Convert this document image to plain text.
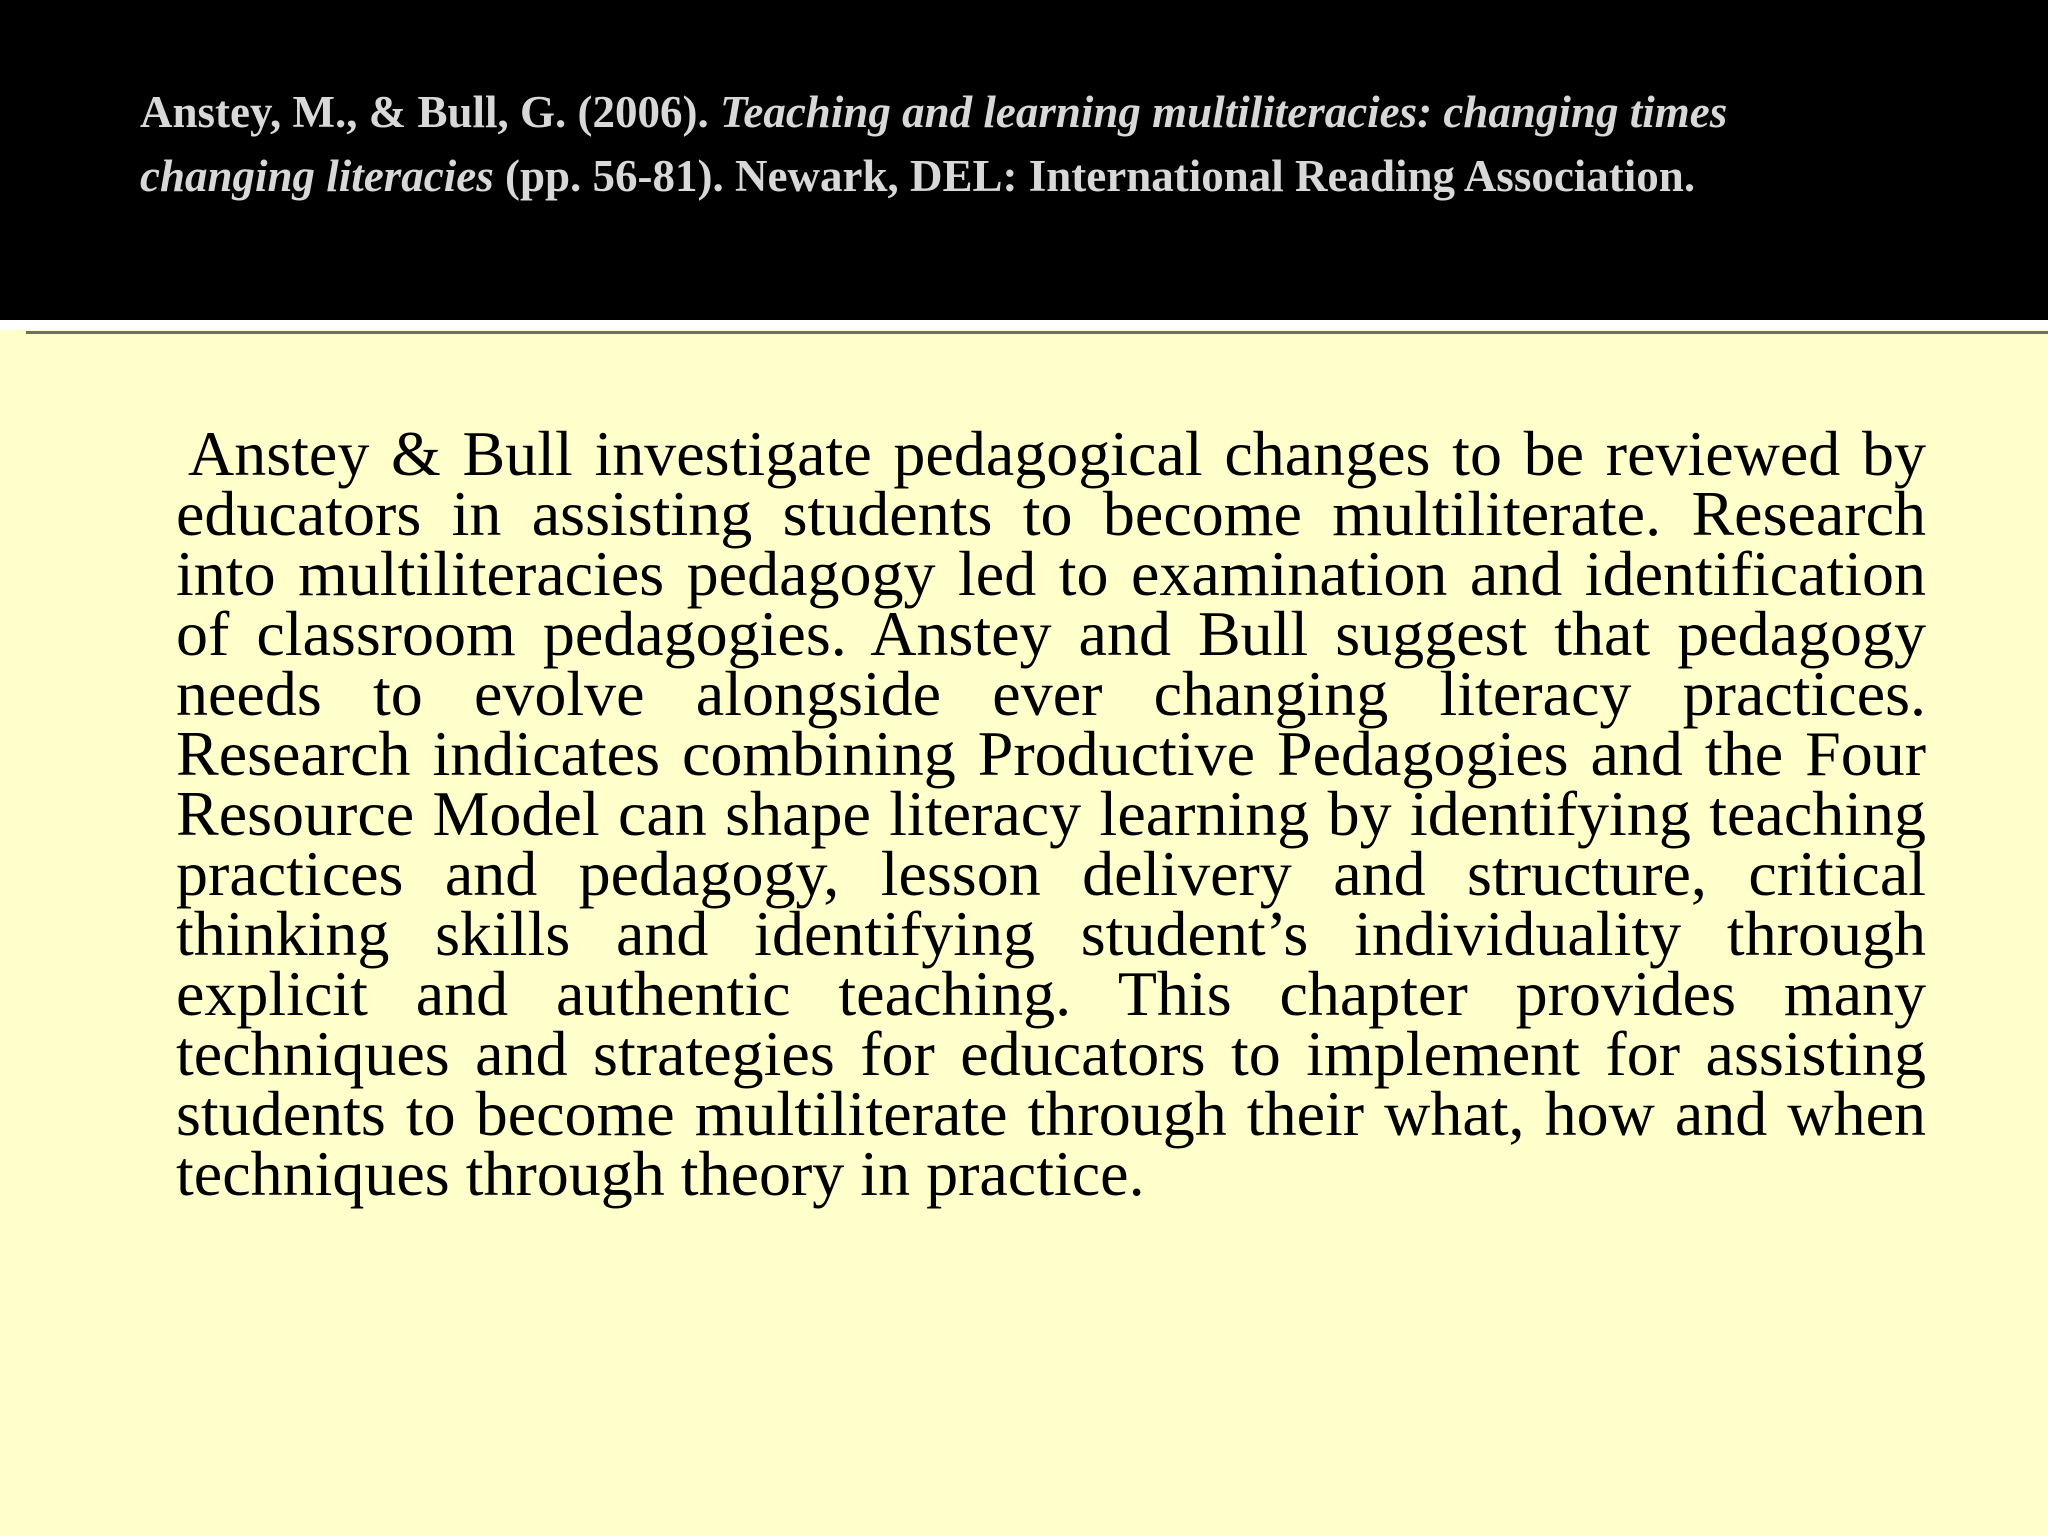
Anstey, M., & Bull, G. (2006). Teaching and learning multiliteracies: changing times
changing literacies (pp. 56-81). Newark, DEL: International Reading Association.

Anstey & Bull investigate pedagogical changes to be reviewed by educators in assisting students to become multiliterate. Research into multiliteracies pedagogy led to examination and identification of classroom pedagogies. Anstey and Bull suggest that pedagogy needs to evolve alongside ever changing literacy practices. Research indicates combining Productive Pedagogies and the Four Resource Model can shape literacy learning by identifying teaching practices and pedagogy, lesson delivery and structure, critical thinking skills and identifying student’s individuality through explicit and authentic teaching. This chapter provides many techniques and strategies for educators to implement for assisting students to become multiliterate through their what, how and when techniques through theory in practice.
